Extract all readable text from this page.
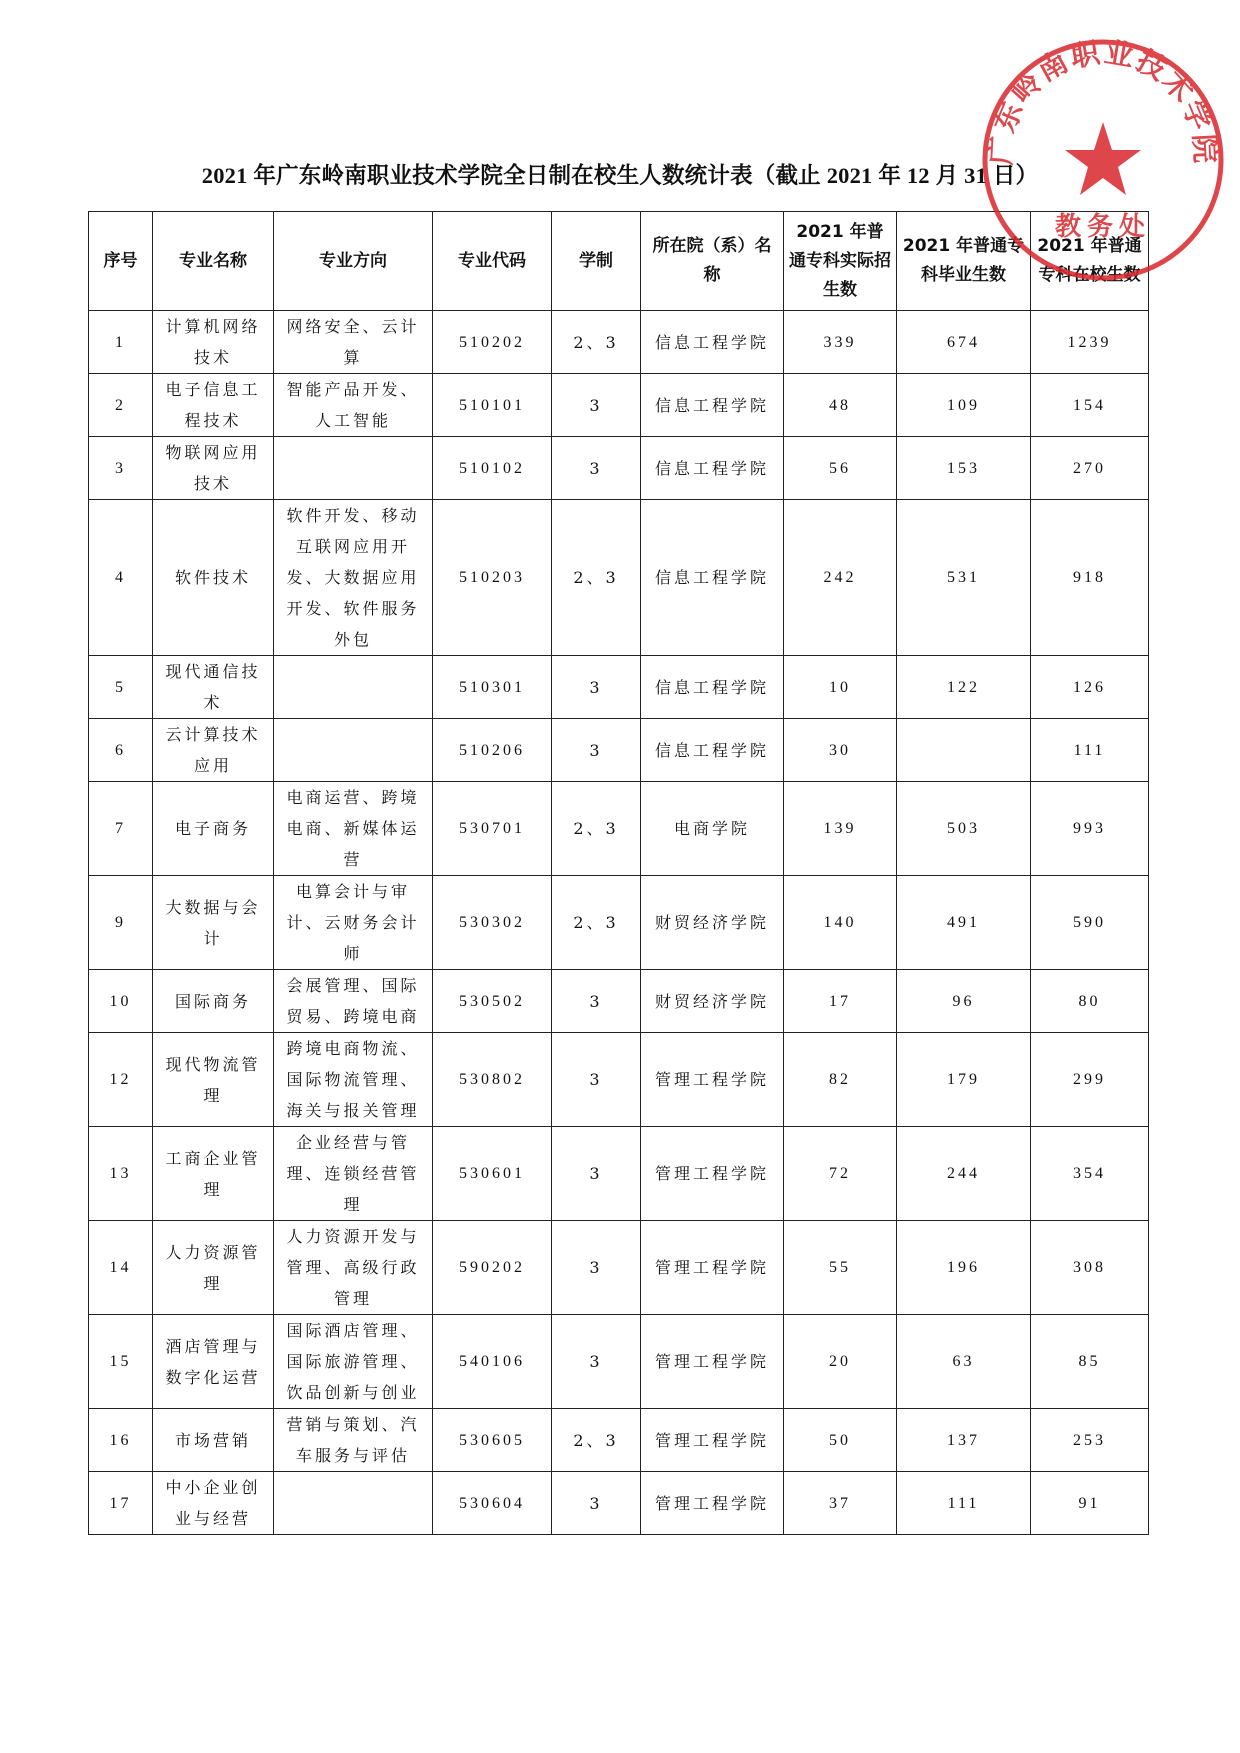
2021 年广东岭南职业技术学院全日制在校生人数统计表（截止 2021 年 12 月 31 日）
序号	专业名称	专业方向	专业代码	学制	所在院（系）名称	2021 年普通专科实际招生数	2021 年普通专科毕业生数	2021 年普通专科在校生数
1	计算机网络技术	网络安全、云计算	510202	2、3	信息工程学院	339	674	1239
2	电子信息工程技术	智能产品开发、人工智能	510101	3	信息工程学院	48	109	154
3	物联网应用技术		510102	3	信息工程学院	56	153	270
4	软件技术	软件开发、移动互联网应用开发、大数据应用开发、软件服务外包	510203	2、3	信息工程学院	242	531	918
5	现代通信技术		510301	3	信息工程学院	10	122	126
6	云计算技术应用		510206	3	信息工程学院	30		111
7	电子商务	电商运营、跨境电商、新媒体运营	530701	2、3	电商学院	139	503	993
9	大数据与会计	电算会计与审计、云财务会计师	530302	2、3	财贸经济学院	140	491	590
10	国际商务	会展管理、国际贸易、跨境电商	530502	3	财贸经济学院	17	96	80
12	现代物流管理	跨境电商物流、国际物流管理、海关与报关管理	530802	3	管理工程学院	82	179	299
13	工商企业管理	企业经营与管理、连锁经营管理	530601	3	管理工程学院	72	244	354
14	人力资源管理	人力资源开发与管理、高级行政管理	590202	3	管理工程学院	55	196	308
15	酒店管理与数字化运营	国际酒店管理、国际旅游管理、饮品创新与创业	540106	3	管理工程学院	20	63	85
16	市场营销	营销与策划、汽车服务与评估	530605	2、3	管理工程学院	50	137	253
17	中小企业创业与经营		530604	3	管理工程学院	37	111	91
广东岭南职业技术学院
教务处
